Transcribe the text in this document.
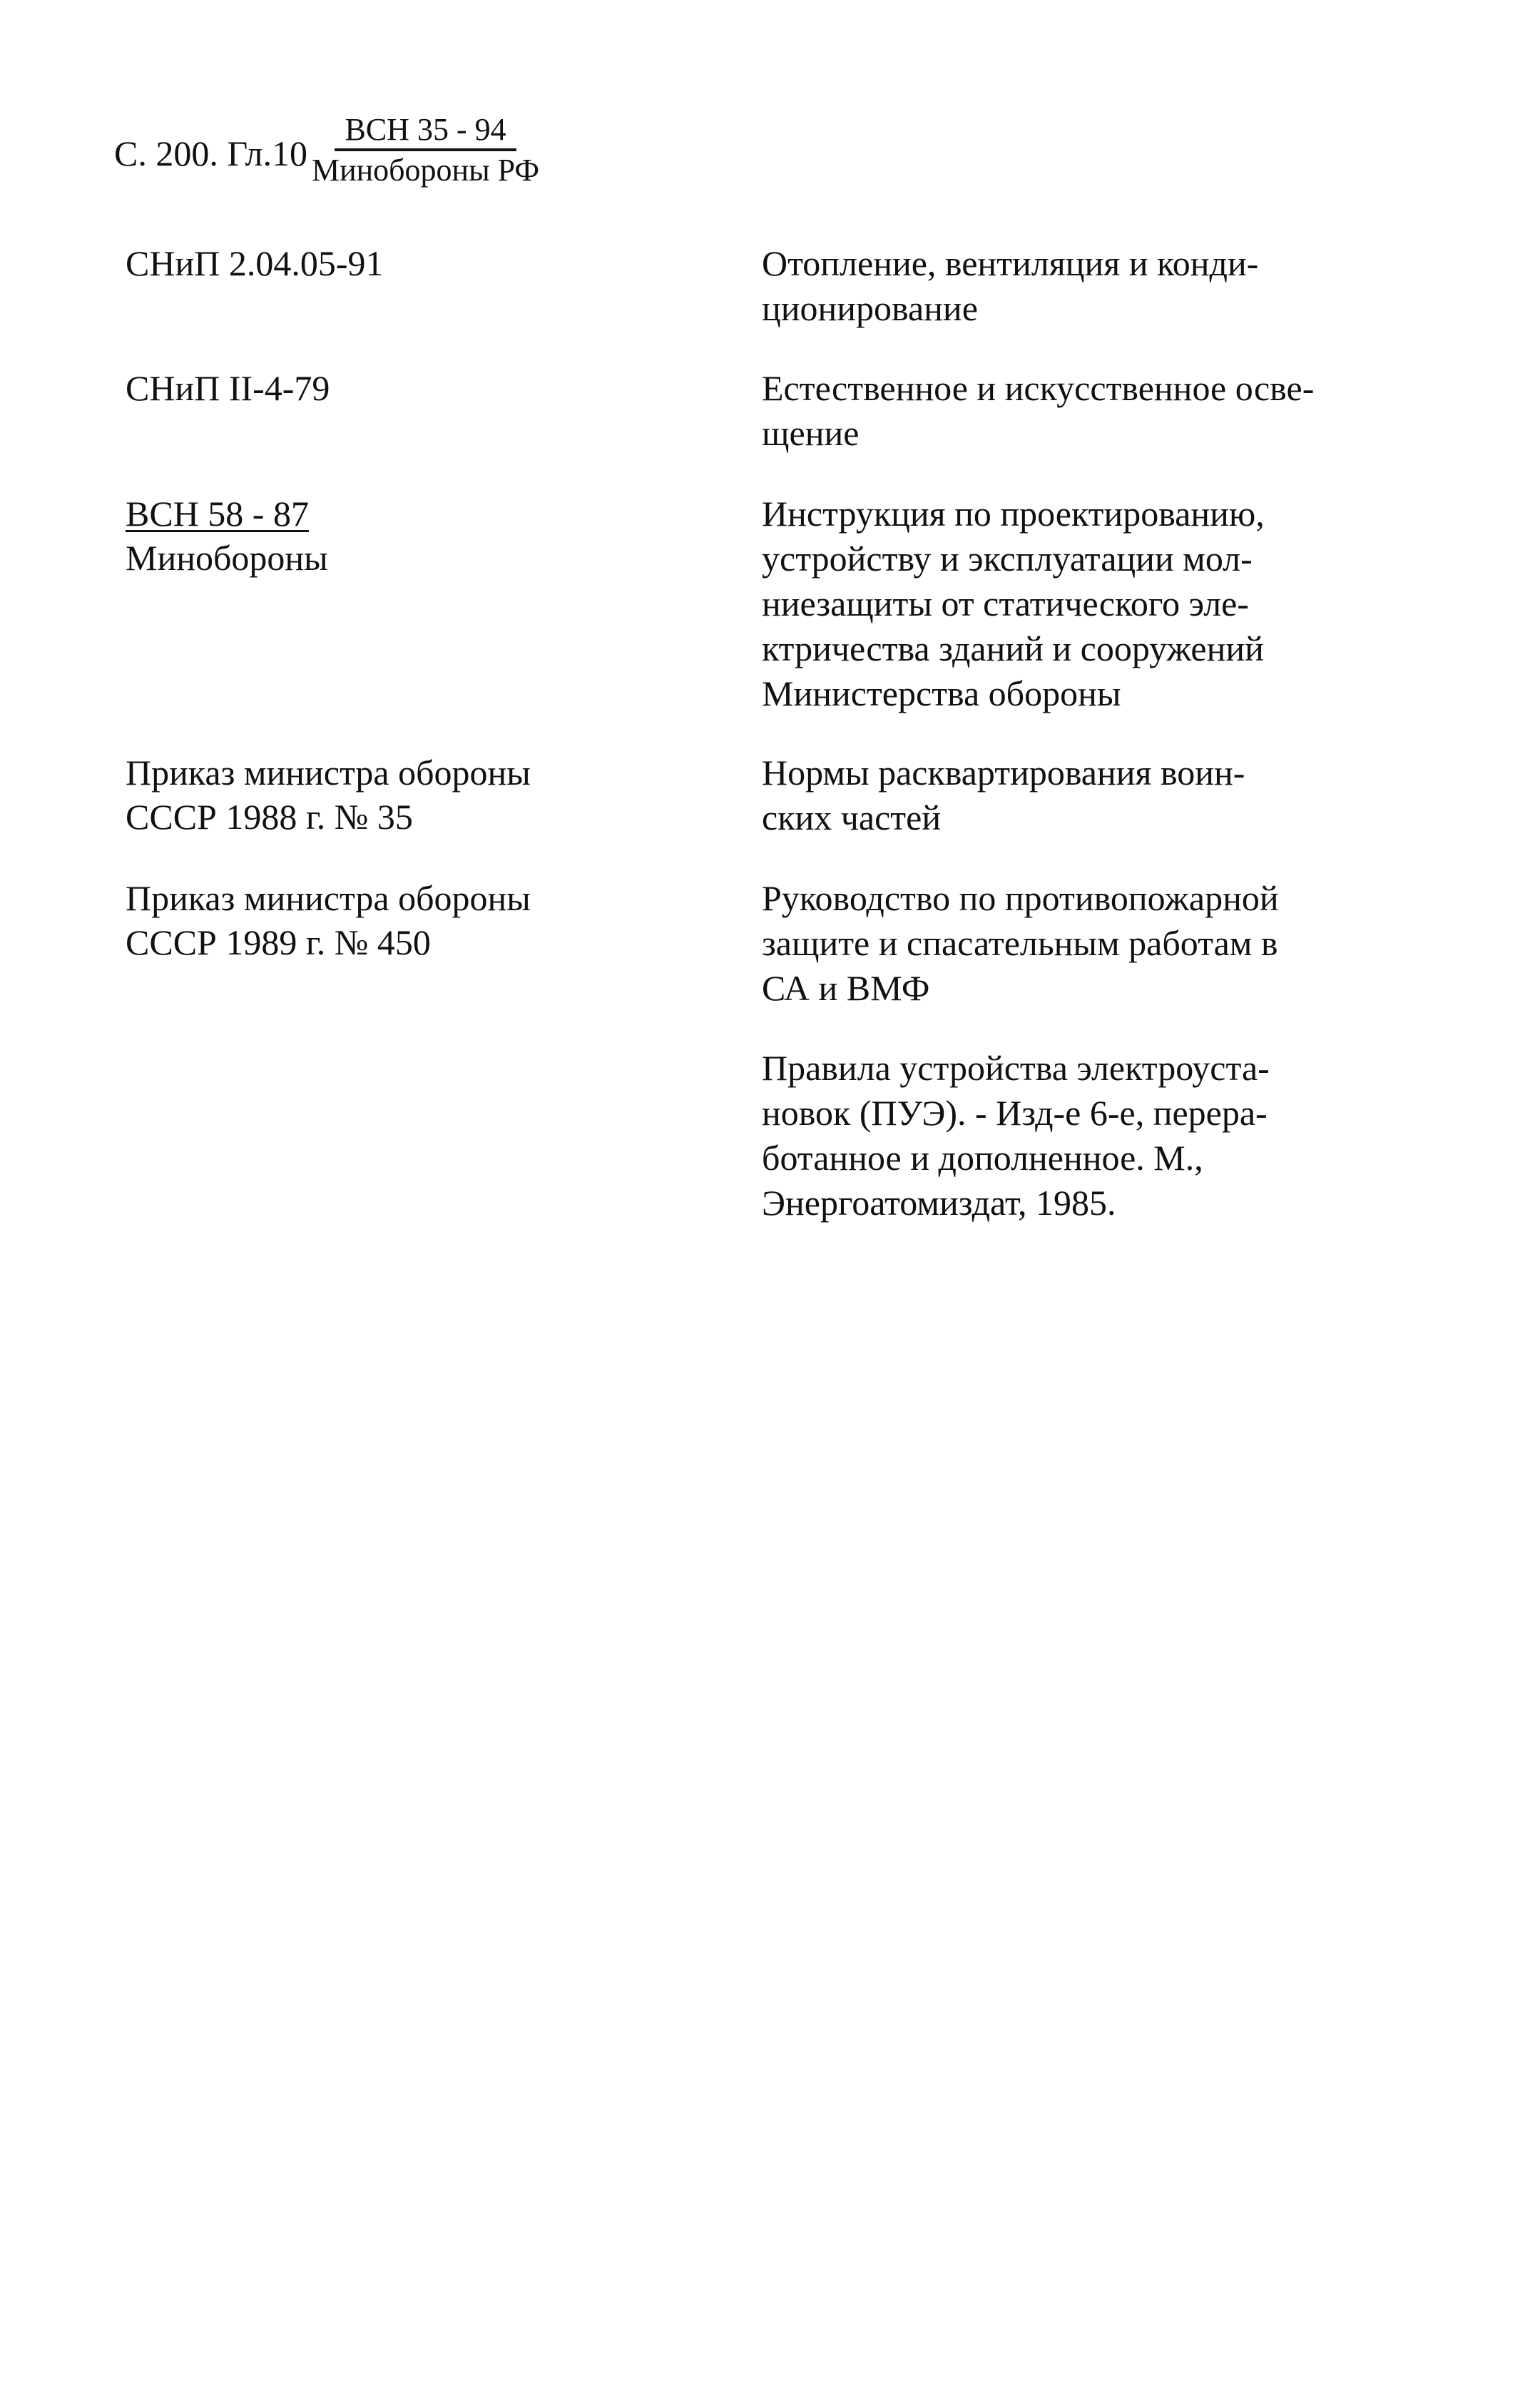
С. 200. $Гл.10 \frac{\text{ВСН 35 - 94}}{\text{Минобороны РФ}}$
СНиП 2.04.05-91	Отопление, вентиляция и конди-
ционирование
СНиП II-4-79	Естественное и искусственное осве-
щение
ВСН 58 - 87
Минобороны
Инструкция по проектированию,
устройству и эксплуатации мол-
ниезащиты от статического эле-
ктричества зданий и сооружений
Министерства обороны
Приказ министра обороны
СССР 1988 г. № 35
Нормы расквартирования воин-
ских частей
Приказ министра обороны
СССР 1989 г. № 450
Руководство по противопожарной
защите и спасательным работам в
СА и ВМФ
Правила устройства электроуста-
новок (ПУЭ). - Изд-е 6-е, перера-
ботанное и дополненное. М.,
Энергоатомиздат, 1985.
